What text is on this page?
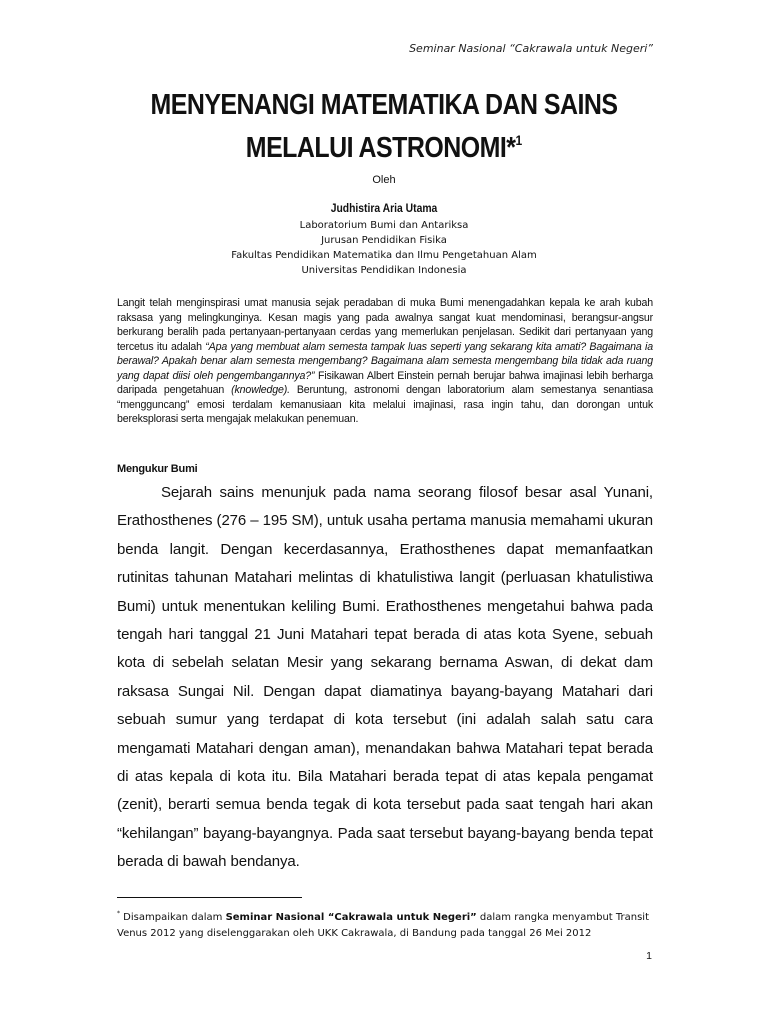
Seminar Nasional “Cakrawala untuk Negeri”
MENYENANGI MATEMATIKA DAN SAINS
MELALUI ASTRONOMI*$^1$
Oleh
Judhistira Aria Utama
Laboratorium Bumi dan Antariksa
Jurusan Pendidikan Fisika
Fakultas Pendidikan Matematika dan Ilmu Pengetahuan Alam
Universitas Pendidikan Indonesia
Langit telah menginspirasi umat manusia sejak peradaban di muka Bumi menengadahkan kepala ke arah kubah raksasa yang melingkunginya. Kesan magis yang pada awalnya sangat kuat mendominasi, berangsur-angsur berkurang beralih pada pertanyaan-pertanyaan cerdas yang memerlukan penjelasan. Sedikit dari pertanyaan yang tercetus itu adalah “Apa yang membuat alam semesta tampak luas seperti yang sekarang kita amati? Bagaimana ia berawal? Apakah benar alam semesta mengembang? Bagaimana alam semesta mengembang bila tidak ada ruang yang dapat diisi oleh pengembangannya?” Fisikawan Albert Einstein pernah berujar bahwa imajinasi lebih berharga daripada pengetahuan (knowledge). Beruntung, astronomi dengan laboratorium alam semestanya senantiasa “mengguncang” emosi terdalam kemanusiaan kita melalui imajinasi, rasa ingin tahu, dan dorongan untuk bereksplorasi serta mengajak melakukan penemuan.
Mengukur Bumi

Sejarah sains menunjuk pada nama seorang filosof besar asal Yunani, Erathosthenes (276 – 195 SM), untuk usaha pertama manusia memahami ukuran benda langit. Dengan kecerdasannya, Erathosthenes dapat memanfaatkan rutinitas tahunan Matahari melintas di khatulistiwa langit (perluasan khatulistiwa Bumi) untuk menentukan keliling Bumi. Erathosthenes mengetahui bahwa pada tengah hari tanggal 21 Juni Matahari tepat berada di atas kota Syene, sebuah kota di sebelah selatan Mesir yang sekarang bernama Aswan, di dekat dam raksasa Sungai Nil. Dengan dapat diamatinya bayang-bayang Matahari dari sebuah sumur yang terdapat di kota tersebut (ini adalah salah satu cara mengamati Matahari dengan aman), menandakan bahwa Matahari tepat berada di atas kepala di kota itu. Bila Matahari berada tepat di atas kepala pengamat (zenit), berarti semua benda tegak di kota tersebut pada saat tengah hari akan “kehilangan” bayang-bayangnya. Pada saat tersebut bayang-bayang benda tepat berada di bawah bendanya.

* Disampaikan dalam Seminar Nasional “Cakrawala untuk Negeri” dalam rangka menyambut Transit Venus 2012 yang diselenggarakan oleh UKK Cakrawala, di Bandung pada tanggal 26 Mei 2012
1
